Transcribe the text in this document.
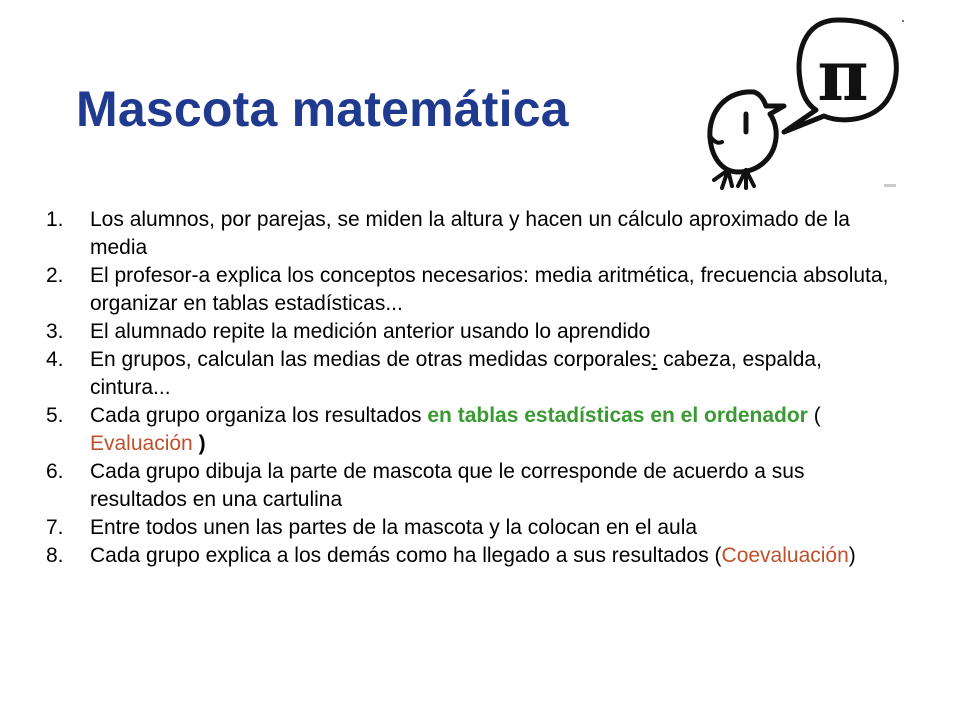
Mascota matemática	π
1.	Los alumnos, por parejas, se miden la altura y hacen un cálculo aproximado de la media
2.	El profesor-a explica los conceptos necesarios: media aritmética, frecuencia absoluta, organizar en tablas estadísticas...
3.	El alumnado repite la medición anterior usando lo aprendido
4.	En grupos, calculan las medias de otras medidas corporales: cabeza, espalda, cintura...
5.	Cada grupo organiza los resultados en tablas estadísticas en el ordenador ( Evaluación )
6.	Cada grupo dibuja la parte de mascota que le corresponde de acuerdo a sus resultados en una cartulina
7.	Entre todos unen las partes de la mascota y la colocan en el aula
8.	Cada grupo explica a los demás como ha llegado a sus resultados (Coevaluación)
